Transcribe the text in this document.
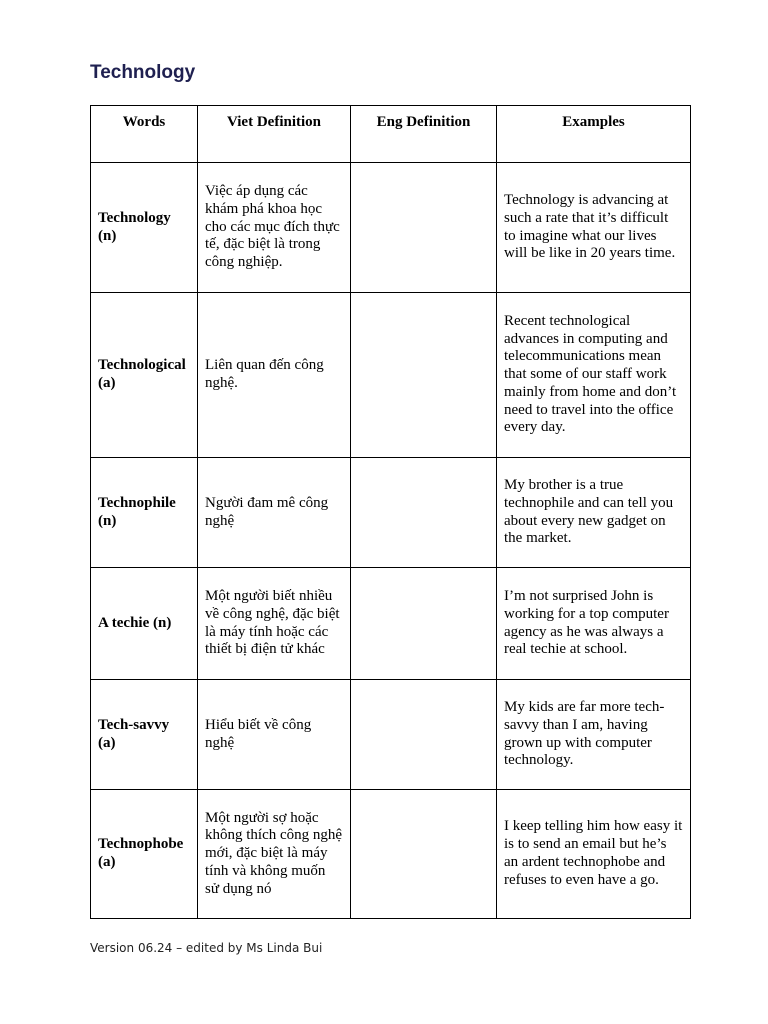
Technology
Words	Viet Definition	Eng Definition	Examples
Technology (n)	Việc áp dụng các khám phá khoa học cho các mục đích thực tế, đặc biệt là trong công nghiệp.		Technology is advancing at such a rate that it’s difficult to imagine what our lives will be like in 20 years time.
Technological (a)	Liên quan đến công nghệ.		Recent technological advances in computing and telecommunications mean that some of our staff work mainly from home and don’t need to travel into the office every day.
Technophile (n)	Người đam mê công nghệ		My brother is a true technophile and can tell you about every new gadget on the market.
A techie (n)	Một người biết nhiều về công nghệ, đặc biệt là máy tính hoặc các thiết bị điện tử khác		I’m not surprised John is working for a top computer agency as he was always a real techie at school.
Tech-savvy (a)	Hiểu biết về công nghệ		My kids are far more tech-savvy than I am, having grown up with computer technology.
Technophobe (a)	Một người sợ hoặc không thích công nghệ mới, đặc biệt là máy tính và không muốn sử dụng nó		I keep telling him how easy it is to send an email but he’s an ardent technophobe and refuses to even have a go.

Version 06.24 – edited by Ms Linda Bui
